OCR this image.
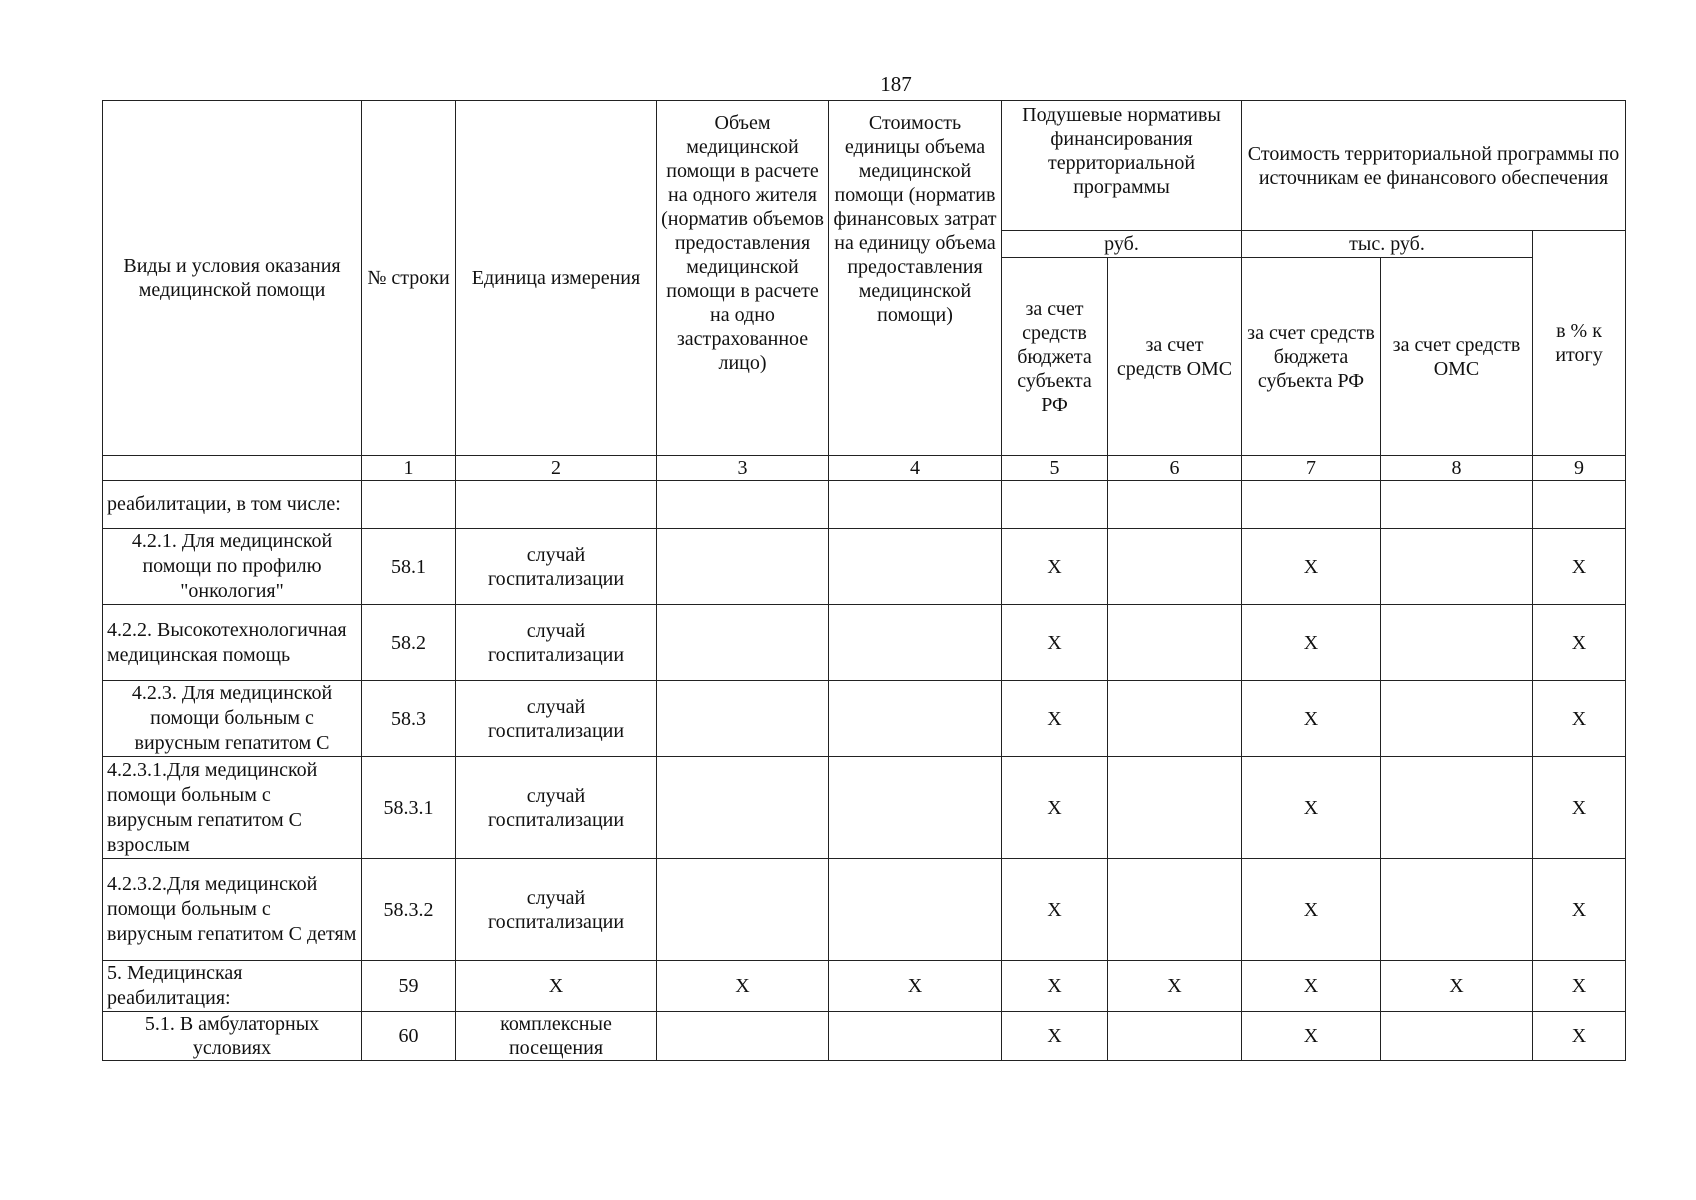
187
Виды и условия оказания медицинской помощи	№ строки	Единица измерения	Объем медицинской помощи в расчете на одного жителя (норматив объемов предоставления медицинской помощи в расчете на одно застрахованное лицо)	Стоимость единицы объема медицинской помощи (норматив финансовых затрат на единицу объема предоставления медицинской помощи)	Подушевые нормативы финансирования территориальной программы		Стоимость территориальной программы по источникам ее финансового обеспечения		
					руб.		тыс. руб.		в % к итогу
					за счет средств бюджета субъекта РФ	за счет средств ОМС	за счет средств бюджета субъекта РФ	за счет средств ОМС	
	1	2	3	4	5	6	7	8	9
реабилитации, в том числе:									
4.2.1. Для медицинской помощи по профилю "онкология"	58.1	случай госпитализации			X		X		X
4.2.2. Высокотехнологичная медицинская помощь	58.2	случай госпитализации			X		X		X
4.2.3. Для медицинской помощи больным с вирусным гепатитом С	58.3	случай госпитализации			X		X		X
4.2.3.1.Для медицинской помощи больным с вирусным гепатитом С взрослым	58.3.1	случай госпитализации			X		X		X
4.2.3.2.Для медицинской помощи больным с вирусным гепатитом С детям	58.3.2	случай госпитализации			X		X		X
5. Медицинская реабилитация:	59	X	X	X	X	X	X	X	X
5.1. В амбулаторных условиях	60	комплексные посещения			X		X		X
